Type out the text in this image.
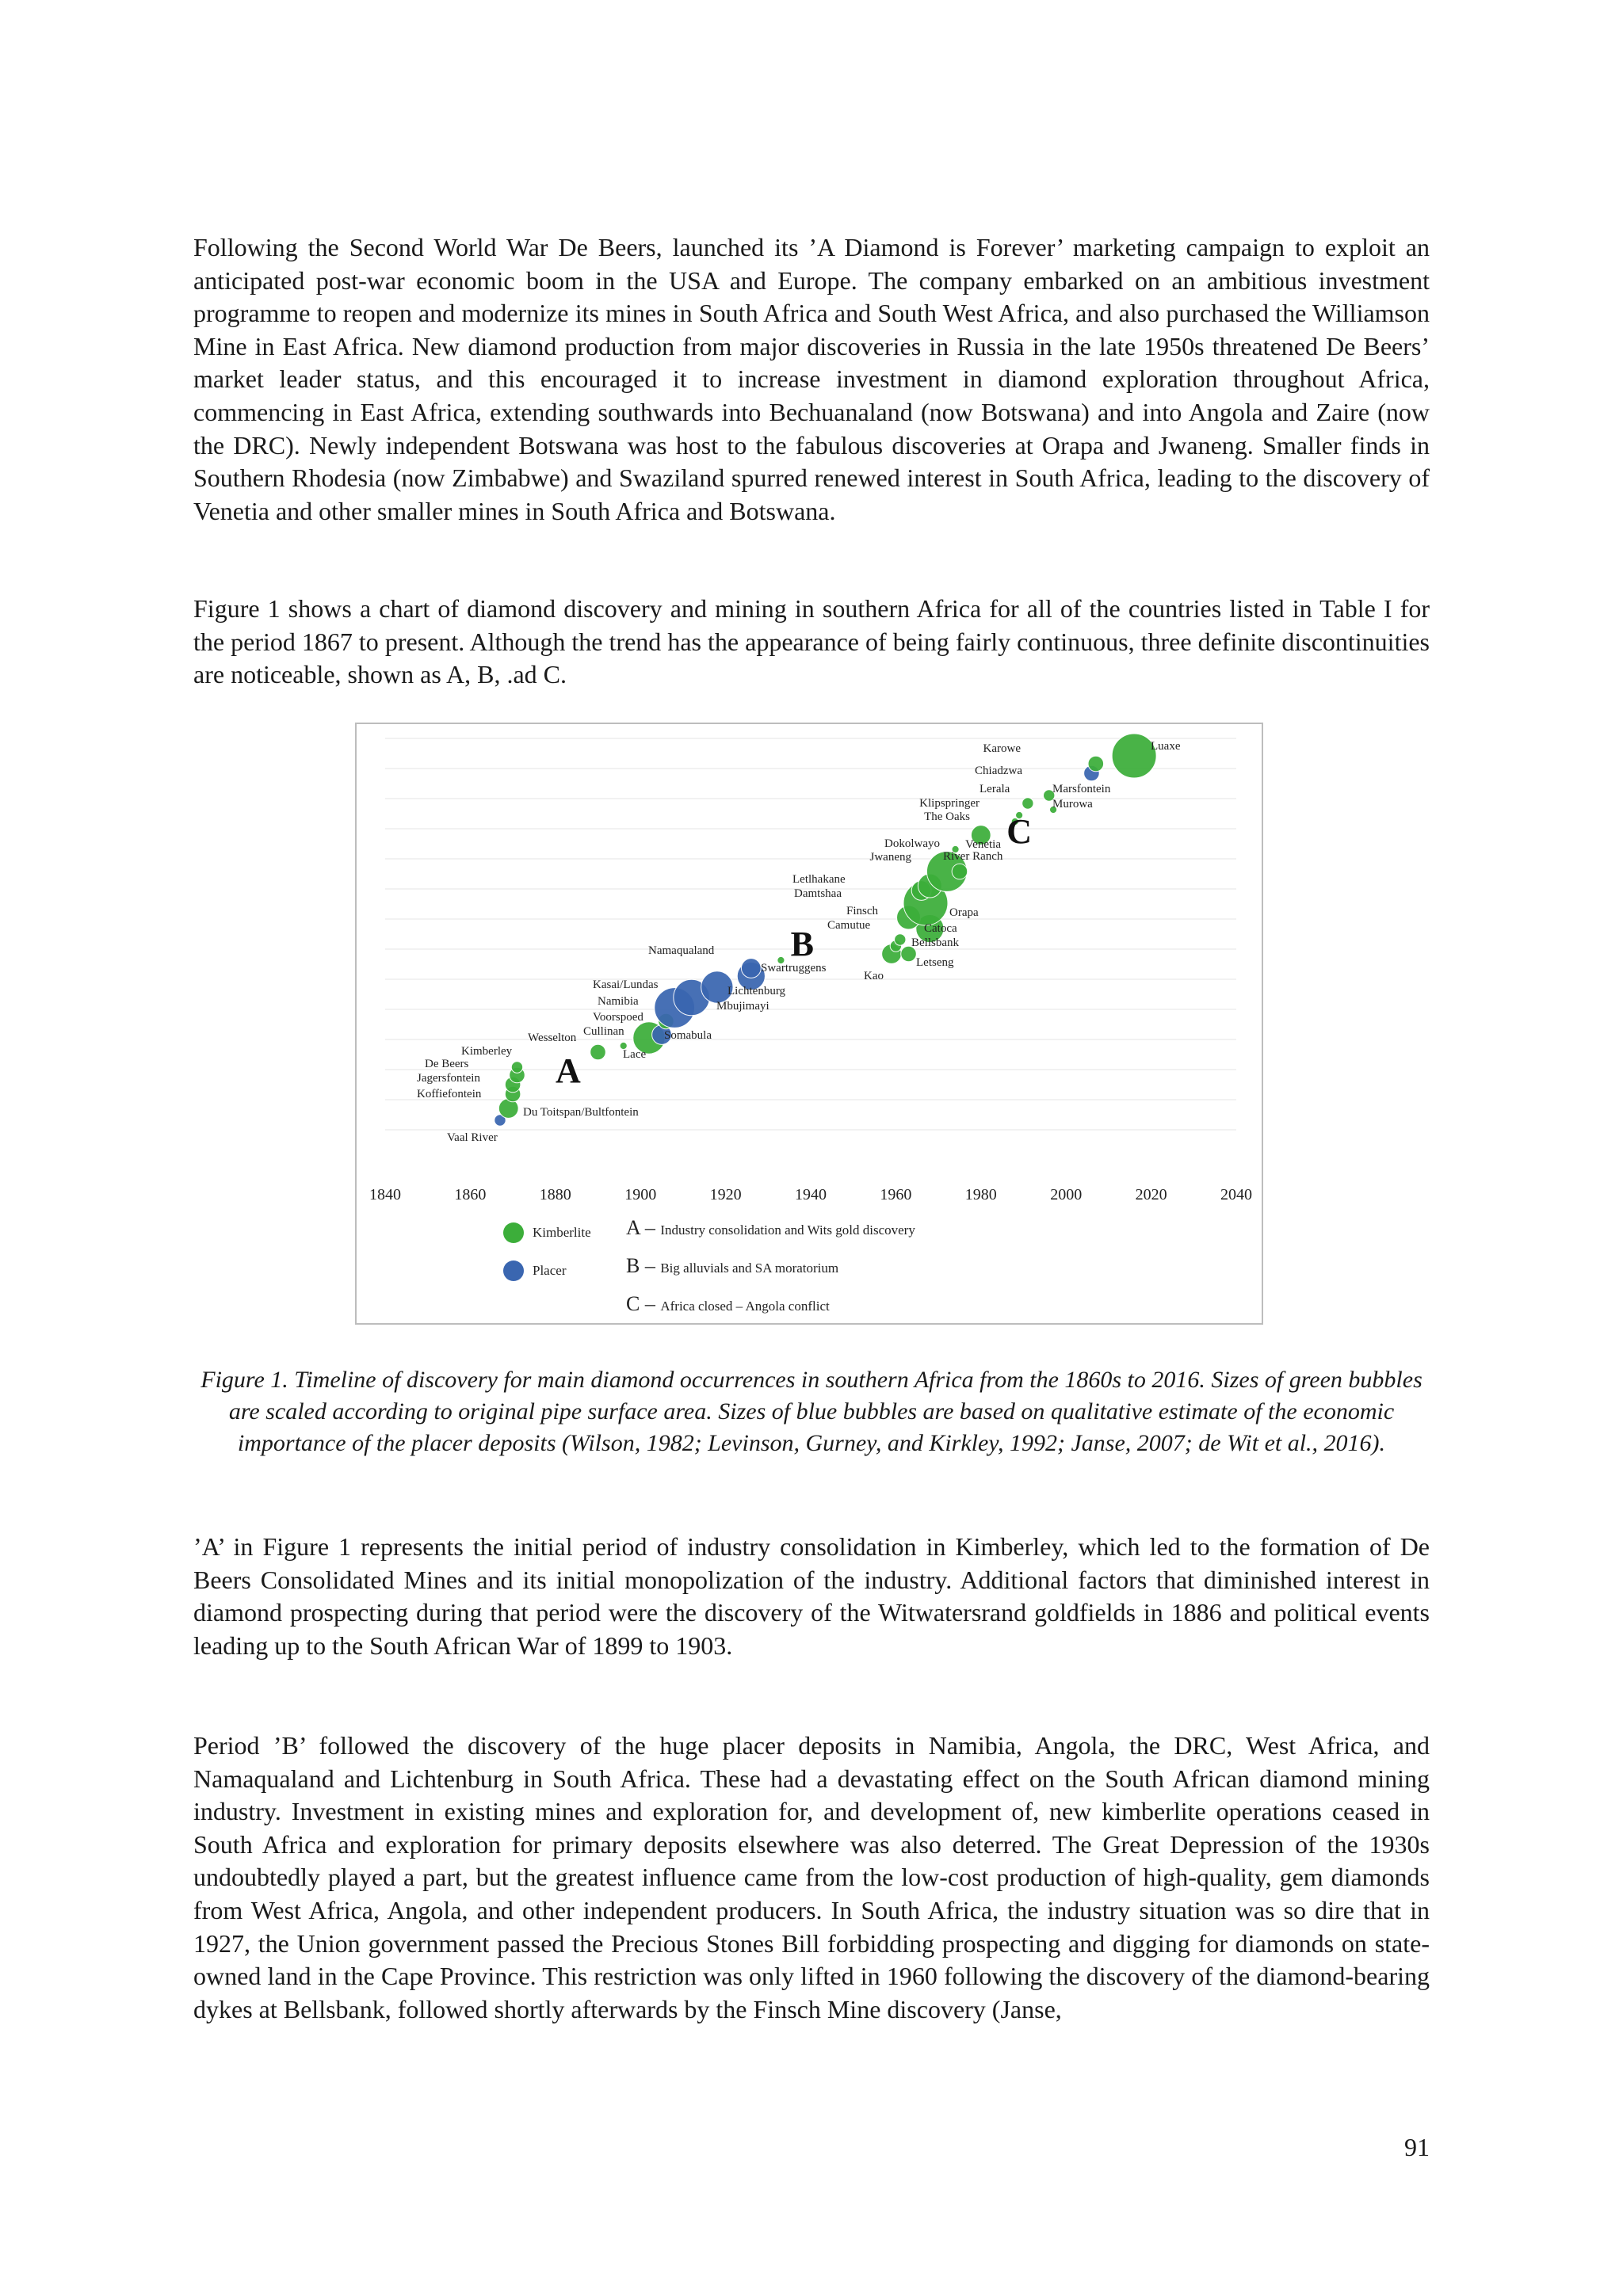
Following the Second World War De Beers, launched its ’A Diamond is Forever’ marketing campaign to exploit an anticipated post-war economic boom in the USA and Europe. The company embarked on an ambitious investment programme to reopen and modernize its mines in South Africa and South West Africa, and also purchased the Williamson Mine in East Africa. New diamond production from major discoveries in Russia in the late 1950s threatened De Beers’ market leader status, and this encouraged it to increase investment in diamond exploration throughout Africa, commencing in East Africa, extending southwards into Bechuanaland (now Botswana) and into Angola and Zaire (now the DRC). Newly independent Botswana was host to the fabulous discoveries at Orapa and Jwaneng. Smaller finds in Southern Rhodesia (now Zimbabwe) and Swaziland spurred renewed interest in South Africa, leading to the discovery of Venetia and other smaller mines in South Africa and Botswana.

Figure 1 shows a chart of diamond discovery and mining in southern Africa for all of the countries listed in Table I for the period 1867 to present. Although the trend has the appearance of being fairly continuous, three definite discontinuities are noticeable, shown as A, B, .ad C.

Vaal River
Du Toitspan/Bultfontein
Koffiefontein
Jagersfontein
De Beers
Kimberley
Wesselton
Lace
Cullinan	Somabula
Voorspoed
Namibia
Kasai/Lundas
Mbujimayi
Lichtenburg
Namaqualand
Swartruggens
Kao
Bellsbank
Letseng
Camutue	Catoca
Finsch	Orapa
Damtshaa
Letlhakane
Jwaneng	River Ranch
Dokolwayo Venetia
The Oaks
Klipspringer	Murowa
Lerala	Marsfontein
Chiadzwa
Karowe	Luaxe
A
B
C
1840	1860	1880	1900	1920	1940	1960	1980	2000	2020	2040
Kimberlite
Placer
A – Industry consolidation and Wits gold discovery
B – Big alluvials and SA moratorium
C – Africa closed – Angola conflict

Figure 1. Timeline of discovery for main diamond occurrences in southern Africa from the 1860s to 2016. Sizes of green bubbles are scaled according to original pipe surface area. Sizes of blue bubbles are based on qualitative estimate of the economic importance of the placer deposits (Wilson, 1982; Levinson, Gurney, and Kirkley, 1992; Janse, 2007; de Wit et al., 2016).

’A’ in Figure 1 represents the initial period of industry consolidation in Kimberley, which led to the formation of De Beers Consolidated Mines and its initial monopolization of the industry. Additional factors that diminished interest in diamond prospecting during that period were the discovery of the Witwatersrand goldfields in 1886 and political events leading up to the South African War of 1899 to 1903.

Period ’B’ followed the discovery of the huge placer deposits in Namibia, Angola, the DRC, West Africa, and Namaqualand and Lichtenburg in South Africa. These had a devastating effect on the South African diamond mining industry. Investment in existing mines and exploration for, and development of, new kimberlite operations ceased in South Africa and exploration for primary deposits elsewhere was also deterred. The Great Depression of the 1930s undoubtedly played a part, but the greatest influence came from the low-cost production of high-quality, gem diamonds from West Africa, Angola, and other independent producers. In South Africa, the industry situation was so dire that in 1927, the Union government passed the Precious Stones Bill forbidding prospecting and digging for diamonds on state-owned land in the Cape Province. This restriction was only lifted in 1960 following the discovery of the diamond-bearing dykes at Bellsbank, followed shortly afterwards by the Finsch Mine discovery (Janse,

91
